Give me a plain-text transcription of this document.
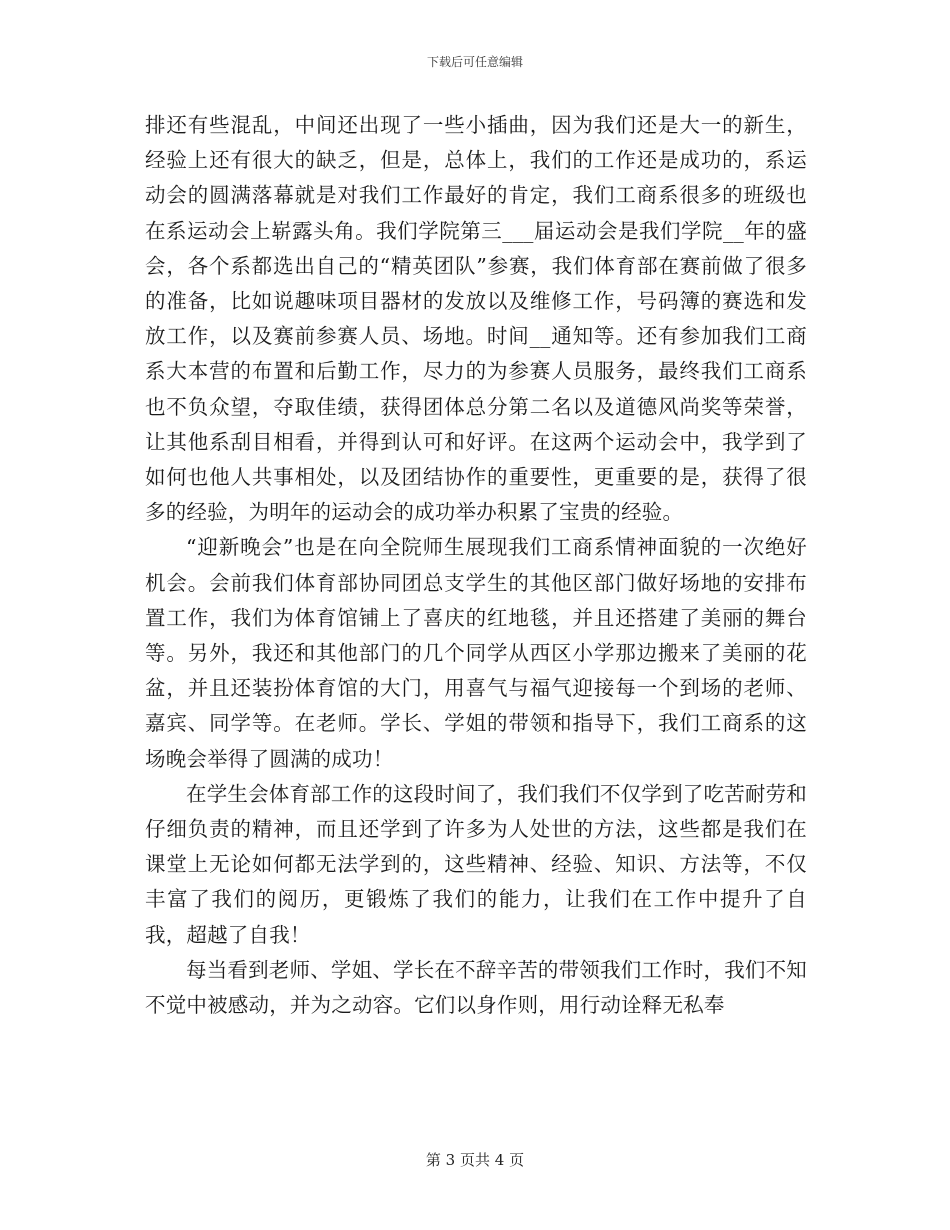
下载后可任意编辑

排还有些混乱，中间还出现了一些小插曲，因为我们还是大一的新生，经验上还有很大的缺乏，但是，总体上，我们的工作还是成功的，系运动会的圆满落幕就是对我们工作最好的肯定，我们工商系很多的班级也在系运动会上崭露头角。我们学院第三___届运动会是我们学院__年的盛会，各个系都选出自己的“精英团队”参赛，我们体育部在赛前做了很多的准备，比如说趣味项目器材的发放以及维修工作，号码簿的赛选和发放工作，以及赛前参赛人员、场地。时间__通知等。还有参加我们工商系大本营的布置和后勤工作，尽力的为参赛人员服务，最终我们工商系也不负众望，夺取佳绩，获得团体总分第二名以及道德风尚奖等荣誉，让其他系刮目相看，并得到认可和好评。在这两个运动会中，我学到了如何也他人共事相处，以及团结协作的重要性，更重要的是，获得了很多的经验，为明年的运动会的成功举办积累了宝贵的经验。

“迎新晚会”也是在向全院师生展现我们工商系情神面貌的一次绝好机会。会前我们体育部协同团总支学生的其他区部门做好场地的安排布置工作，我们为体育馆铺上了喜庆的红地毯，并且还搭建了美丽的舞台等。另外，我还和其他部门的几个同学从西区小学那边搬来了美丽的花盆，并且还装扮体育馆的大门，用喜气与福气迎接每一个到场的老师、嘉宾、同学等。在老师。学长、学姐的带领和指导下，我们工商系的这场晚会举得了圆满的成功！

在学生会体育部工作的这段时间了，我们我们不仅学到了吃苦耐劳和仔细负责的精神，而且还学到了许多为人处世的方法，这些都是我们在课堂上无论如何都无法学到的，这些精神、经验、知识、方法等，不仅丰富了我们的阅历，更锻炼了我们的能力，让我们在工作中提升了自我，超越了自我！

每当看到老师、学姐、学长在不辞辛苦的带领我们工作时，我们不知不觉中被感动，并为之动容。它们以身作则，用行动诠释无私奉

第 3 页共 4 页
